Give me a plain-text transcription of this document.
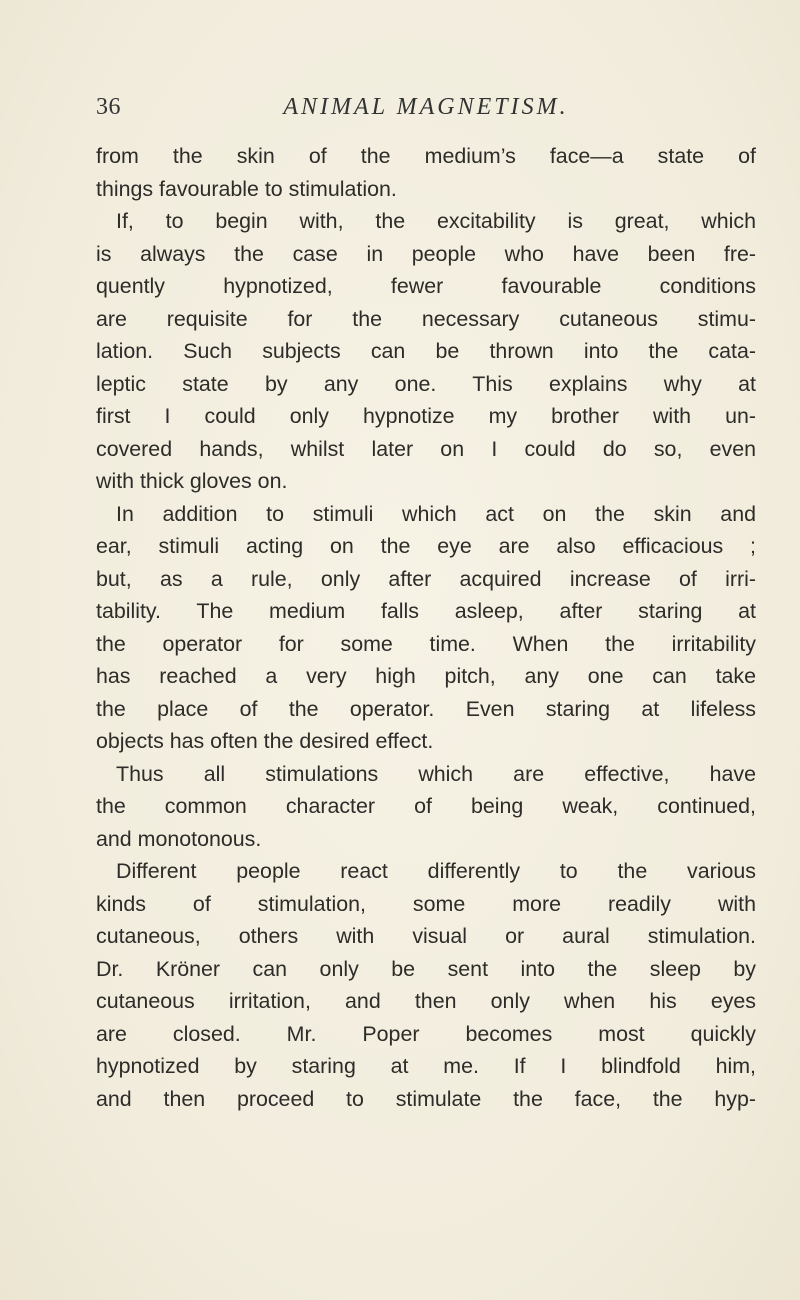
36	ANIMAL MAGNETISM.
from the skin of the medium’s face—a state of
things favourable to stimulation.
If, to begin with, the excitability is great, which
is always the case in people who have been fre-
quently hypnotized, fewer favourable conditions
are requisite for the necessary cutaneous stimu-
lation. Such subjects can be thrown into the cata-
leptic state by any one. This explains why at
first I could only hypnotize my brother with un-
covered hands, whilst later on I could do so, even
with thick gloves on.
In addition to stimuli which act on the skin and
ear, stimuli acting on the eye are also efficacious ;
but, as a rule, only after acquired increase of irri-
tability. The medium falls asleep, after staring at
the operator for some time. When the irritability
has reached a very high pitch, any one can take
the place of the operator. Even staring at lifeless
objects has often the desired effect.
Thus all stimulations which are effective, have
the common character of being weak, continued,
and monotonous.
Different people react differently to the various
kinds of stimulation, some more readily with
cutaneous, others with visual or aural stimulation.
Dr. Kröner can only be sent into the sleep by
cutaneous irritation, and then only when his eyes
are closed. Mr. Poper becomes most quickly
hypnotized by staring at me. If I blindfold him,
and then proceed to stimulate the face, the hyp-
